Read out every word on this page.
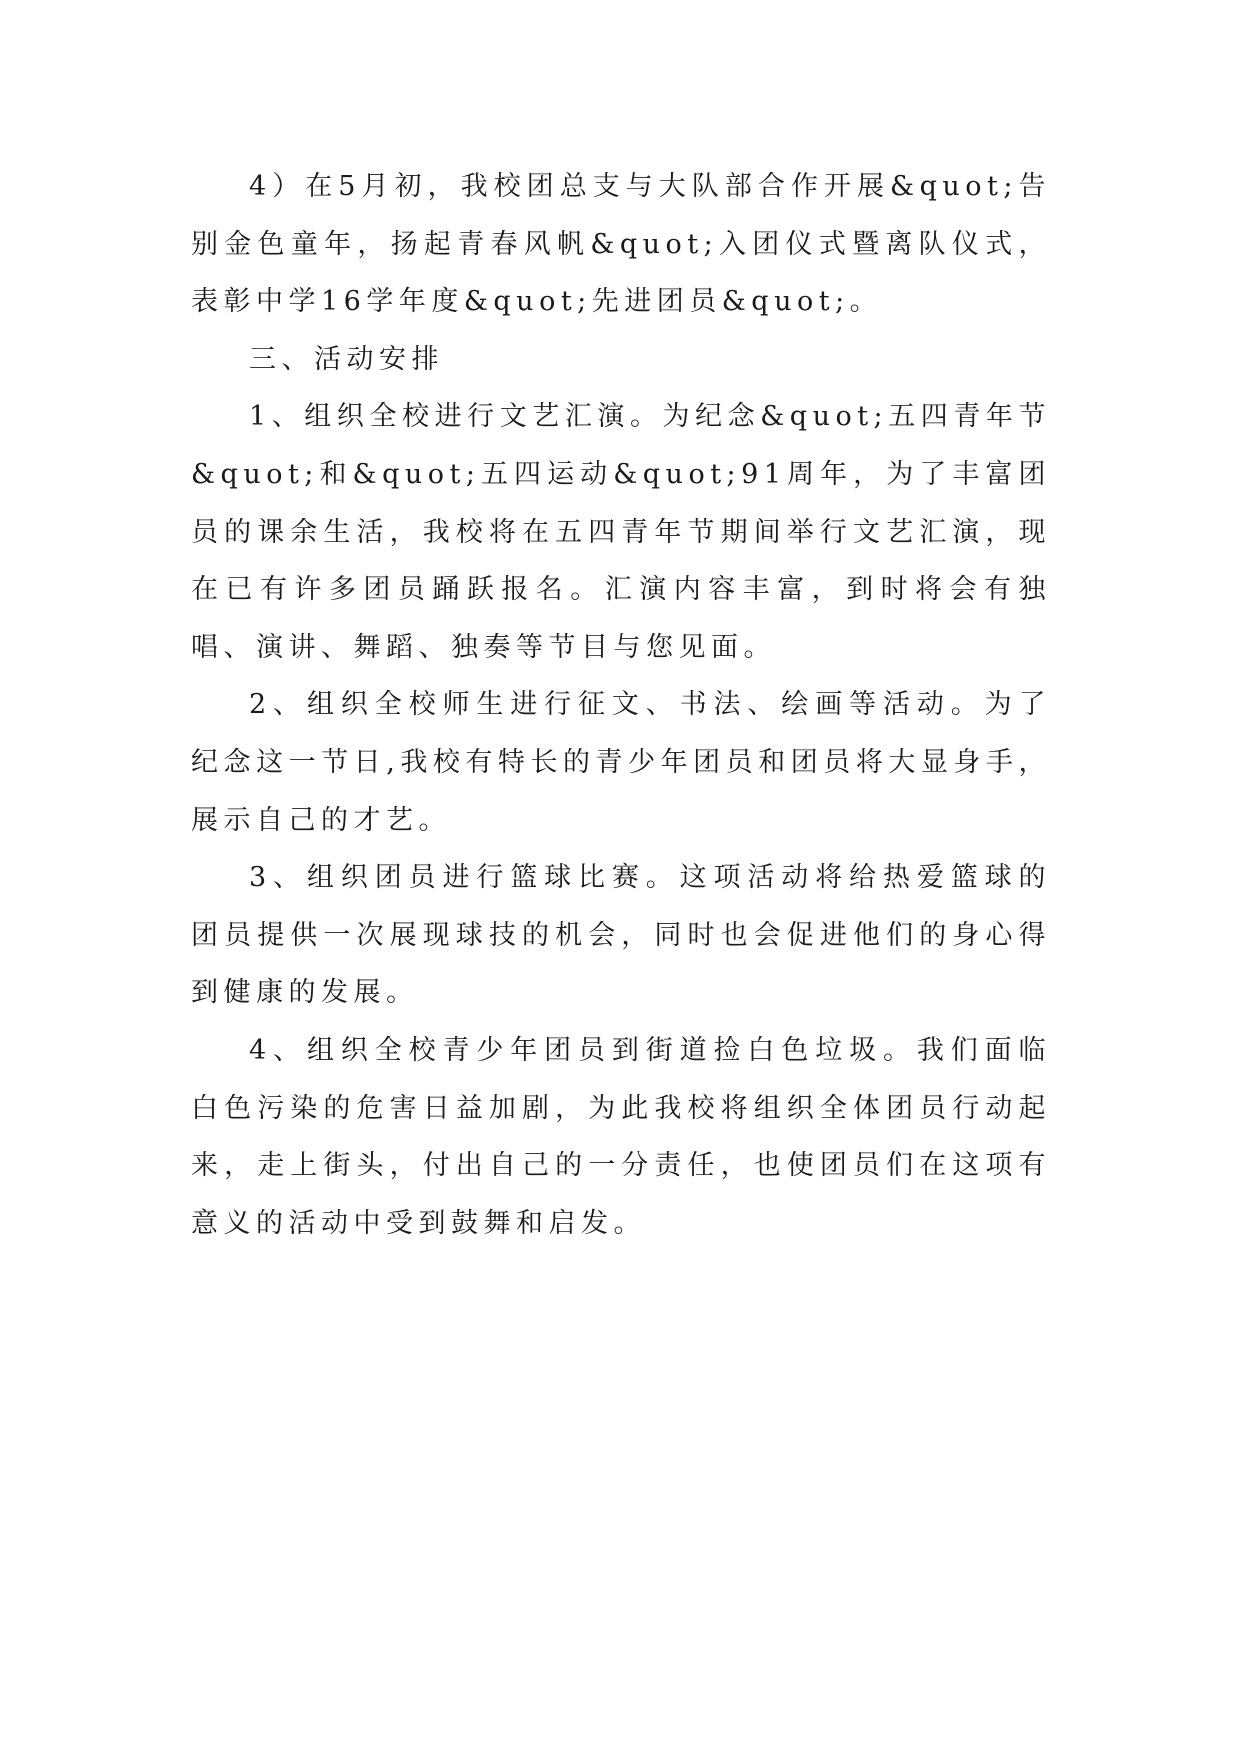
4）在5月初，我校团总支与大队部合作开展&quot;告别金色童年，扬起青春风帆&quot;入团仪式暨离队仪式，表彰中学16学年度&quot;先进团员&quot;。

三、活动安排

1、组织全校进行文艺汇演。为纪念&quot;五四青年节&quot;和&quot;五四运动&quot;91周年，为了丰富团员的课余生活，我校将在五四青年节期间举行文艺汇演，现在已有许多团员踊跃报名。汇演内容丰富，到时将会有独唱、演讲、舞蹈、独奏等节目与您见面。

2、组织全校师生进行征文、书法、绘画等活动。为了纪念这一节日,我校有特长的青少年团员和团员将大显身手，展示自己的才艺。

3、组织团员进行篮球比赛。这项活动将给热爱篮球的团员提供一次展现球技的机会，同时也会促进他们的身心得到健康的发展。

4、组织全校青少年团员到街道捡白色垃圾。我们面临白色污染的危害日益加剧，为此我校将组织全体团员行动起来，走上街头，付出自己的一分责任，也使团员们在这项有意义的活动中受到鼓舞和启发。
